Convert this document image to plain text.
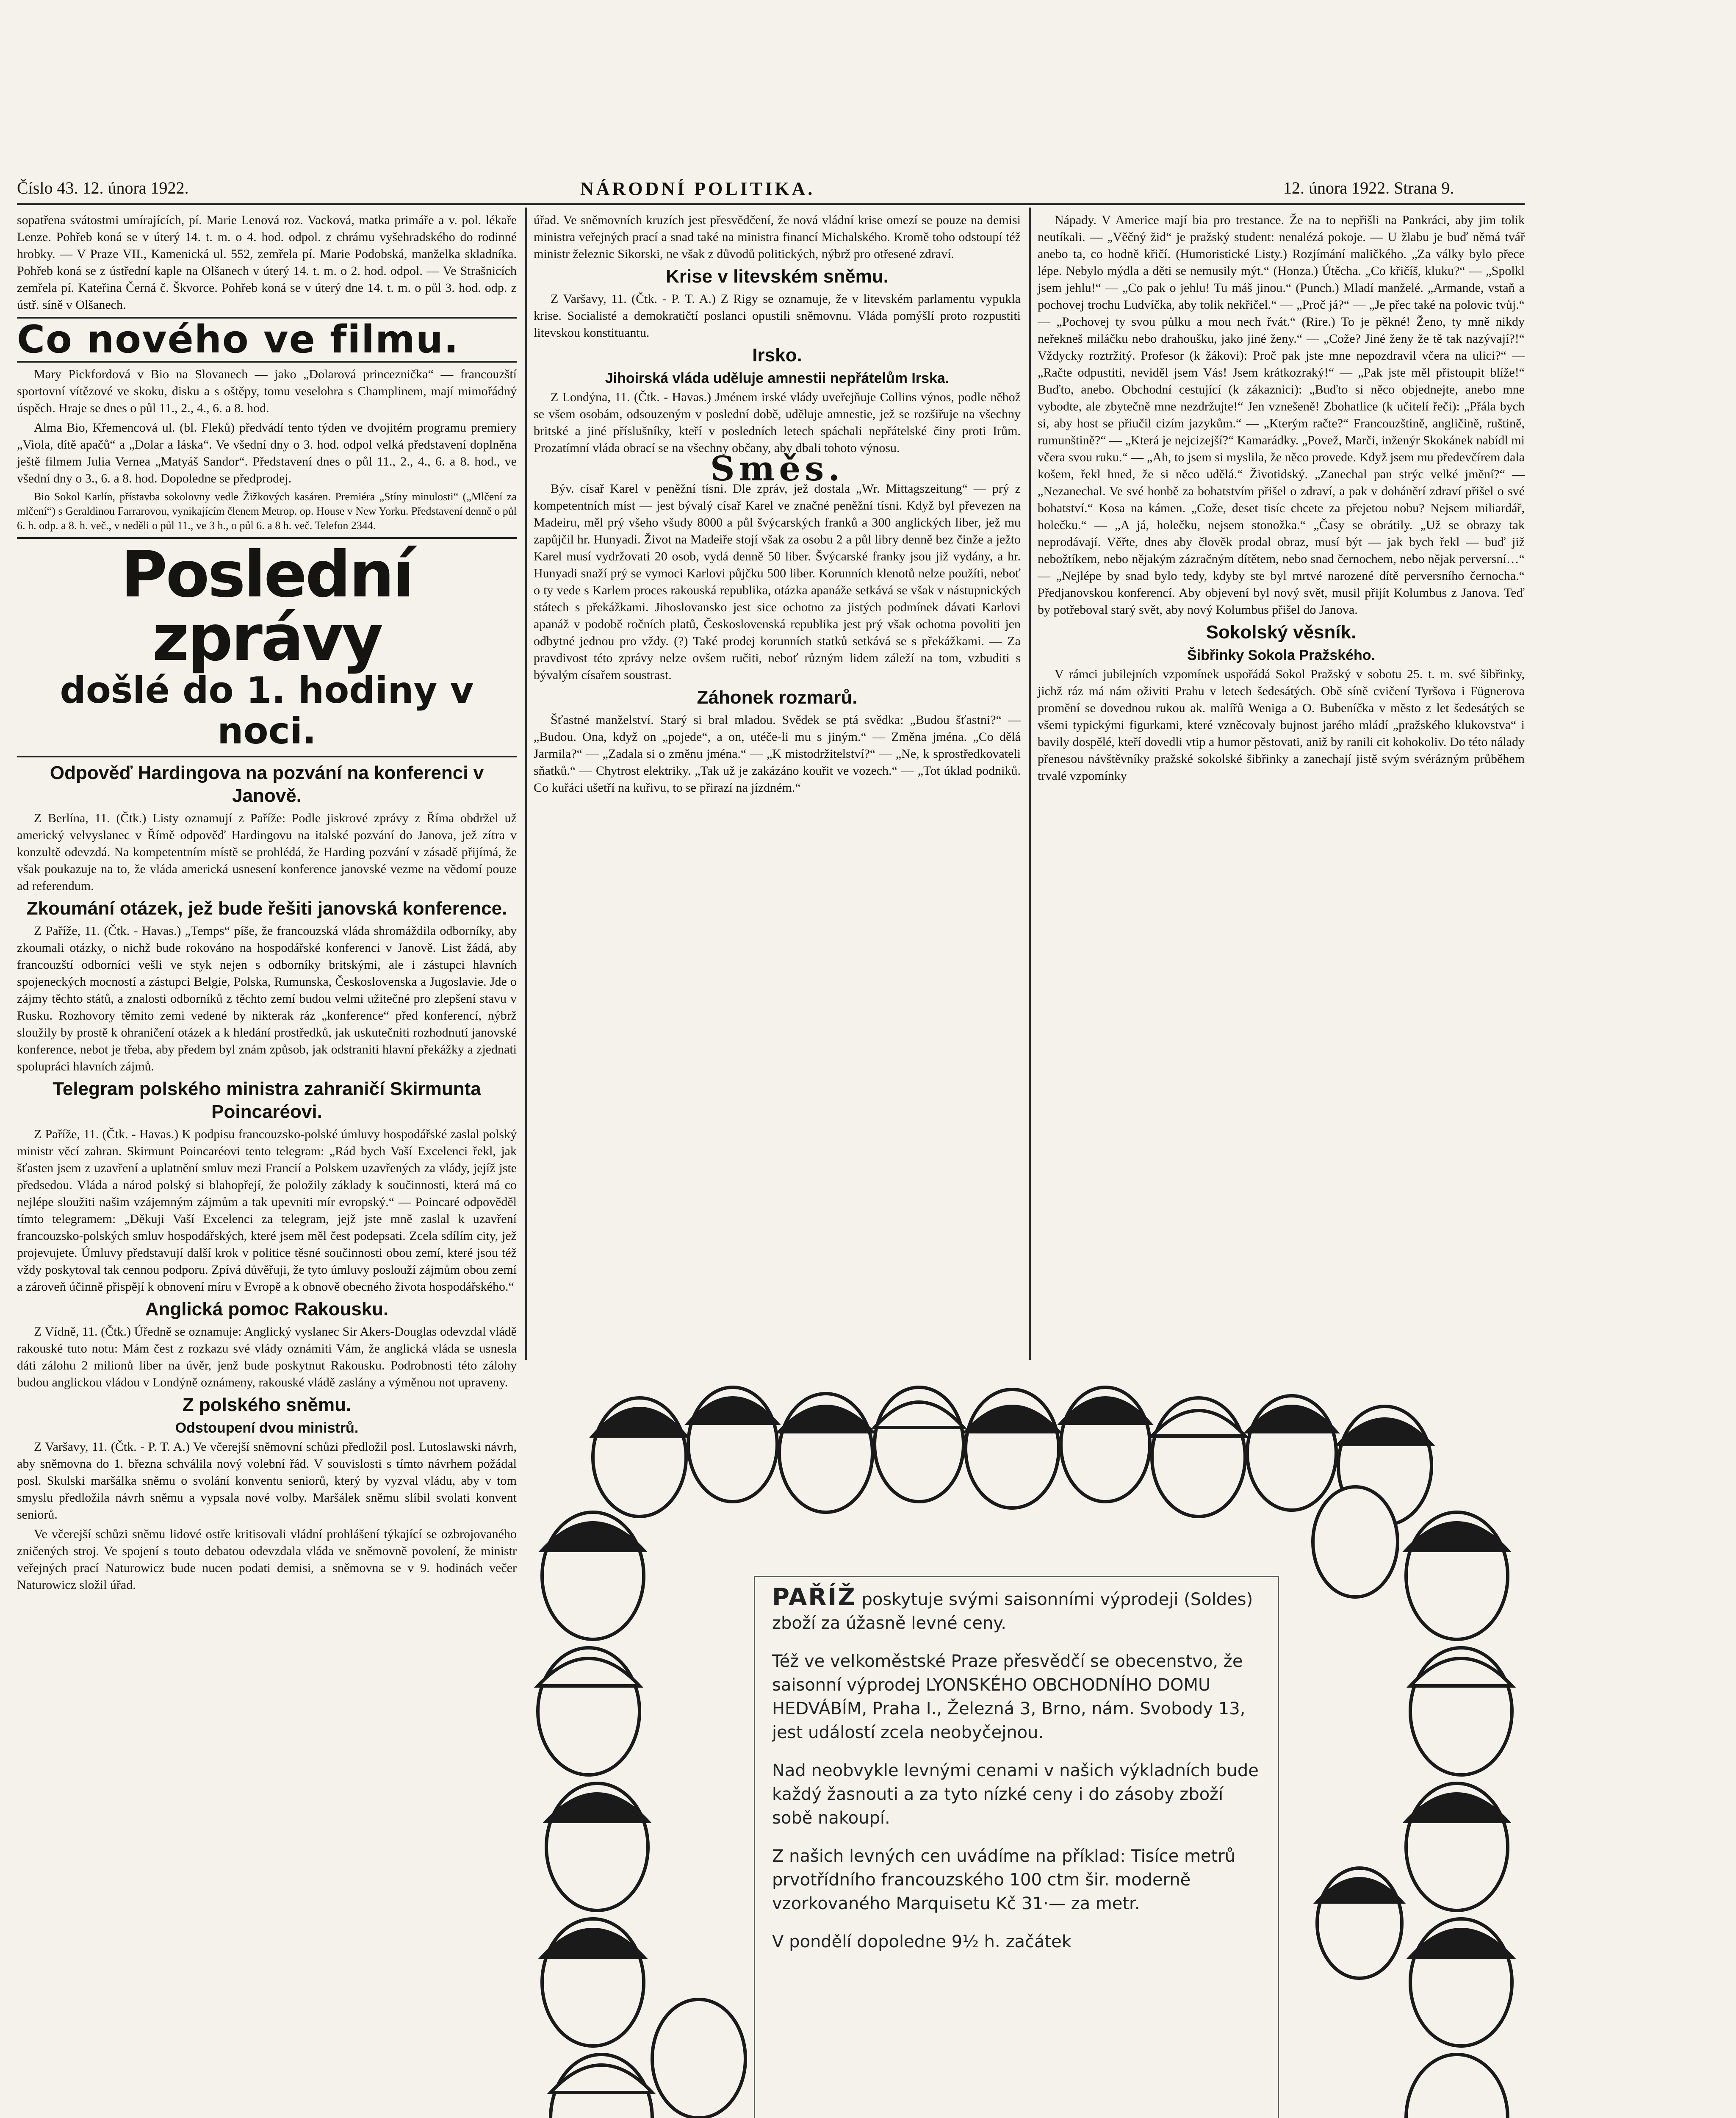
Číslo 43. 12. února 1922.	NÁRODNÍ POLITIKA.	12. února 1922. Strana 9.

sopatřena svátostmi umírajících, pí. Marie Lenová roz. Vacková, matka primáře a v. pol. lékaře Lenze. Pohřeb koná se v úterý 14. t. m. o 4. hod. odpol. z chrámu vyšehradského do rodinné hrobky. — V Praze VII., Kamenická ul. 552, zemřela pí. Marie Podobská, manželka skladníka. Pohřeb koná se z ústřední kaple na Olšanech v úterý 14. t. m. o 2. hod. odpol. — Ve Strašnicích zemřela pí. Kateřina Černá č. Škvorce. Pohřeb koná se v úterý dne 14. t. m. o půl 3. hod. odp. z ústř. síně v Olšanech.

Co nového ve filmu.

Mary Pickfordová v Bio na Slovanech — jako „Dolarová princeznička“ — francouzští sportovní vítězové ve skoku, disku a s oštěpy, tomu veselohra s Champlinem, mají mimořádný úspěch. Hraje se dnes o půl 11., 2., 4., 6. a 8. hod.

Alma Bio, Křemencová ul. (bl. Fleků) předvádí tento týden ve dvojitém programu premiery „Viola, dítě apačů“ a „Dolar a láska“. Ve všední dny o 3. hod. odpol velká představení doplněna ještě filmem Julia Vernea „Matyáš Sandor“. Představení dnes o půl 11., 2., 4., 6. a 8. hod., ve všední dny o 3., 6. a 8. hod. Dopoledne se předprodej.

Bio Sokol Karlín, přístavba sokolovny vedle Žižkových kasáren. Premiéra „Stíny minulosti“ („Mlčení za mlčení“) s Geraldinou Farrarovou, vynikajícím členem Metrop. op. House v New Yorku. Představení denně o půl 6. h. odp. a 8. h. več., v neděli o půl 11., ve 3 h., o půl 6. a 8 h. več. Telefon 2344.

Poslední zprávy
došlé do 1. hodiny v noci.
Odpověď Hardingova na pozvání na konferenci v Janově.

Z Berlína, 11. (Čtk.) Listy oznamují z Paříže: Podle jiskrové zprávy z Říma obdržel už americký velvyslanec v Římě odpověď Hardingovu na italské pozvání do Janova, jež zítra v konzultě odevzdá. Na kompetentním místě se prohlédá, že Harding pozvání v zásadě přijímá, že však poukazuje na to, že vláda americká usnesení konference janovské vezme na vědomí pouze ad referendum.

Zkoumání otázek, jež bude řešiti janovská konference.

Z Paříže, 11. (Čtk. - Havas.) „Temps“ píše, že francouzská vláda shromáždila odborníky, aby zkoumali otázky, o nichž bude rokováno na hospodářské konferenci v Janově. List žádá, aby francouzští odborníci vešli ve styk nejen s odborníky britskými, ale i zástupci hlavních spojeneckých mocností a zástupci Belgie, Polska, Rumunska, Československa a Jugoslavie. Jde o zájmy těchto států, a znalosti odborníků z těchto zemí budou velmi užitečné pro zlepšení stavu v Rusku. Rozhovory těmito zemi vedené by nikterak ráz „konference“ před konferencí, nýbrž sloužily by prostě k ohraničení otázek a k hledání prostředků, jak uskutečniti rozhodnutí janovské konference, nebot je třeba, aby předem byl znám způsob, jak odstraniti hlavní překážky a zjednati spolupráci hlavních zájmů.

Telegram polského ministra zahraničí Skirmunta Poincaréovi.

Z Paříže, 11. (Čtk. - Havas.) K podpisu francouzsko-polské úmluvy hospodářské zaslal polský ministr věcí zahran. Skirmunt Poincaréovi tento telegram: „Rád bych Vaší Excelenci řekl, jak šťasten jsem z uzavření a uplatnění smluv mezi Francií a Polskem uzavřených za vlády, jejíž jste předsedou. Vláda a národ polský si blahopřejí, že položily základy k součinnosti, která má co nejlépe sloužiti našim vzájemným zájmům a tak upevniti mír evropský.“ — Poincaré odpověděl tímto telegramem: „Děkuji Vaší Excelenci za telegram, jejž jste mně zaslal k uzavření francouzsko-polských smluv hospodářských, které jsem měl čest podepsati. Zcela sdílím city, jež projevujete. Úmluvy představují další krok v politice těsné součinnosti obou zemí, které jsou též vždy poskytoval tak cennou podporu. Zpívá důvěřuji, že tyto úmluvy poslouží zájmům obou zemí a zároveň účinně přispějí k obnovení míru v Evropě a k obnově obecného života hospodářského.“

Anglická pomoc Rakousku.

Z Vídně, 11. (Čtk.) Úředně se oznamuje: Anglický vyslanec Sir Akers-Douglas odevzdal vládě rakouské tuto notu: Mám čest z rozkazu své vlády oznámiti Vám, že anglická vláda se usnesla dáti zálohu 2 milionů liber na úvěr, jenž bude poskytnut Rakousku. Podrobnosti této zálohy budou anglickou vládou v Londýně oznámeny, rakouské vládě zaslány a výměnou not upraveny.

Z polského sněmu.
Odstoupení dvou ministrů.

Z Varšavy, 11. (Čtk. - P. T. A.) Ve včerejší sněmovní schůzi předložil posl. Lutoslawski návrh, aby sněmovna do 1. března schválila nový volební řád. V souvislosti s tímto návrhem požádal posl. Skulski maršálka sněmu o svolání konventu seniorů, který by vyzval vládu, aby v tom smyslu předložila návrh sněmu a vypsala nové volby. Maršálek sněmu slíbil svolati konvent seniorů.

Ve včerejší schůzi sněmu lidové ostře kritisovali vládní prohlášení týkající se ozbrojovaného zničených stroj. Ve spojení s touto debatou odevzdala vláda ve sněmovně povolení, že ministr veřejných prací Naturowicz bude nucen podati demisi, a sněmovna se v 9. hodinách večer Naturowicz složil úřad.

úřad. Ve sněmovních kruzích jest přesvědčení, že nová vládní krise omezí se pouze na demisi ministra veřejných prací a snad také na ministra financí Michalského. Kromě toho odstoupí též ministr železnic Sikorski, ne však z důvodů politických, nýbrž pro otřesené zdraví.

Krise v litevském sněmu.

Z Varšavy, 11. (Čtk. - P. T. A.) Z Rigy se oznamuje, že v litevském parlamentu vypukla krise. Socialisté a demokratičtí poslanci opustili sněmovnu. Vláda pomýšlí proto rozpustiti litevskou konstituantu.

Irsko.
Jihoirská vláda uděluje amnestii nepřátelům Irska.

Z Londýna, 11. (Čtk. - Havas.) Jménem irské vlády uveřejňuje Collins výnos, podle něhož se všem osobám, odsouzeným v poslední době, uděluje amnestie, jež se rozšiřuje na všechny britské a jiné příslušníky, kteří v posledních letech spáchali nepřátelské činy proti Irům. Prozatímní vláda obrací se na všechny občany, aby dbali tohoto výnosu.

Směs.

Býv. císař Karel v peněžní tísni. Dle zpráv, jež dostala „Wr. Mittagszeitung“ — prý z kompetentních míst — jest bývalý císař Karel ve značné peněžní tísni. Když byl převezen na Madeiru, měl prý všeho všudy 8000 a půl švýcarských franků a 300 anglických liber, jež mu zapůjčil hr. Hunyadi. Život na Madeiře stojí však za osobu 2 a půl libry denně bez činže a ježto Karel musí vydržovati 20 osob, vydá denně 50 liber. Švýcarské franky jsou již vydány, a hr. Hunyadi snaží prý se vymoci Karlovi půjčku 500 liber. Korunních klenotů nelze použíti, neboť o ty vede s Karlem proces rakouská republika, otázka apanáže setkává se však v nástupnických státech s překážkami. Jihoslovansko jest sice ochotno za jistých podmínek dávati Karlovi apanáž v podobě ročních platů, Československá republika jest prý však ochotna povoliti jen odbytné jednou pro vždy. (?) Také prodej korunních statků setkává se s překážkami. — Za pravdivost této zprávy nelze ovšem ručiti, neboť různým lidem záleží na tom, vzbuditi s bývalým císařem soustrast.

Záhonek rozmarů.

Šťastné manželství. Starý si bral mladou. Svědek se ptá svědka: „Budou šťastni?“ — „Budou. Ona, když on „pojede“, a on, utéče-li mu s jiným.“ — Změna jména. „Co dělá Jarmila?“ — „Zadala si o změnu jména.“ — „K mistodržitelství?“ — „Ne, k sprostředkovateli sňatků.“ — Chytrost elektriky. „Tak už je zakázáno kouřit ve vozech.“ — „Tot úklad podniků. Co kuřáci ušetří na kuřivu, to se přirazí na jízdném.“

Nápady. V Americe mají bia pro trestance. Že na to nepřišli na Pankráci, aby jim tolik neutíkali. — „Věčný žid“ je pražský student: nenalézá pokoje. — U žlabu je buď němá tvář anebo ta, co hodně křičí. (Humoristické Listy.) Rozjímání maličkého. „Za války bylo přece lépe. Nebylo mýdla a děti se nemusily mýt.“ (Honza.) Útěcha. „Co křičíš, kluku?“ — „Spolkl jsem jehlu!“ — „Co pak o jehlu! Tu máš jinou.“ (Punch.) Mladí manželé. „Armande, vstaň a pochovej trochu Ludvíčka, aby tolik nekřičel.“ — „Proč já?“ — „Je přec také na polovic tvůj.“ — „Pochovej ty svou půlku a mou nech řvát.“ (Rire.) To je pěkné! Ženo, ty mně nikdy neřekneš miláčku nebo drahoušku, jako jiné ženy.“ — „Cože? Jiné ženy že tě tak nazývají?!“ Vždycky roztržitý. Profesor (k žákovi): Proč pak jste mne nepozdravil včera na ulici?“ — „Račte odpustiti, neviděl jsem Vás! Jsem krátkozraký!“ — „Pak jste měl přistoupit blíže!“ Buďto, anebo. Obchodní cestující (k zákaznici): „Buďto si něco objednejte, anebo mne vybodte, ale zbytečně mne nezdržujte!“ Jen vznešeně! Zbohatlice (k učitelí řeči): „Přála bych si, aby host se přiučil cizím jazykům.“ — „Kterým račte?“ Francouzštině, angličině, ruštině, rumunštině?“ — „Která je nejcizejší?“ Kamarádky. „Povež, Marči, inženýr Skokánek nabídl mi včera svou ruku.“ — „Ah, to jsem si myslila, že něco provede. Když jsem mu předevčírem dala košem, řekl hned, že si něco udělá.“ Životidský. „Zanechal pan strýc velké jmění?“ — „Nezanechal. Ve své honbě za bohatstvím přišel o zdraví, a pak v doháněrí zdraví přišel o své bohatství.“ Kosa na kámen. „Cože, deset tisíc chcete za přejetou nobu? Nejsem miliardář, holečku.“ — „A já, holečku, nejsem stonožka.“ „Časy se obrátily. „Už se obrazy tak neprodávají. Věřte, dnes aby člověk prodal obraz, musí být — jak bych řekl — buď již nebožtíkem, nebo nějakým zázračným dítětem, nebo snad černochem, nebo nějak perversní…“ — „Nejlépe by snad bylo tedy, kdyby ste byl mrtvé narozené dítě perversního černocha.“ Předjanovskou konferencí. Aby objevení byl nový svět, musil přijít Kolumbus z Janova. Teď by potřeboval starý svět, aby nový Kolumbus přišel do Janova.

Sokolský věsník.
Šibřinky Sokola Pražského.

V rámci jubilejních vzpomínek uspořádá Sokol Pražský v sobotu 25. t. m. své šibřinky, jichž ráz má nám oživiti Prahu v letech šedesátých. Obě síně cvičení Tyršova i Fügnerova promění se dovednou rukou ak. malířů Weniga a O. Bubeníčka v město z let šedesátých se všemi typickými figurkami, které vzněcovaly bujnost jarého mládí „pražského klukovstva“ i bavily dospělé, kteří dovedli vtip a humor pěstovati, aniž by ranili cit kohokoliv. Do této nálady přenesou návštěvníky pražské sokolské šibřinky a zanechají jistě svým svérázným průběhem trvalé vzpomínky

PAŘÍŽ poskytuje svými saisonními výprodeji (Soldes) zboží za úžasně levné ceny.

Též ve velkoměstské Praze přesvědčí se obecenstvo, že saisonní výprodej LYONSKÉHO OBCHODNÍHO DOMU HEDVÁBÍM, Praha I., Železná 3, Brno, nám. Svobody 13, jest událostí zcela neobyčejnou.

Nad neobvykle levnými cenami v našich výkladních bude každý žasnouti a za tyto nízké ceny i do zásoby zboží sobě nakoupí.

Z našich levných cen uvádíme na příklad: Tisíce metrů prvotřídního francouzského 100 ctm šir. moderně vzorkovaného Marquisetu Kč 31·— za metr.

V pondělí dopoledne 9½ h. začátek
